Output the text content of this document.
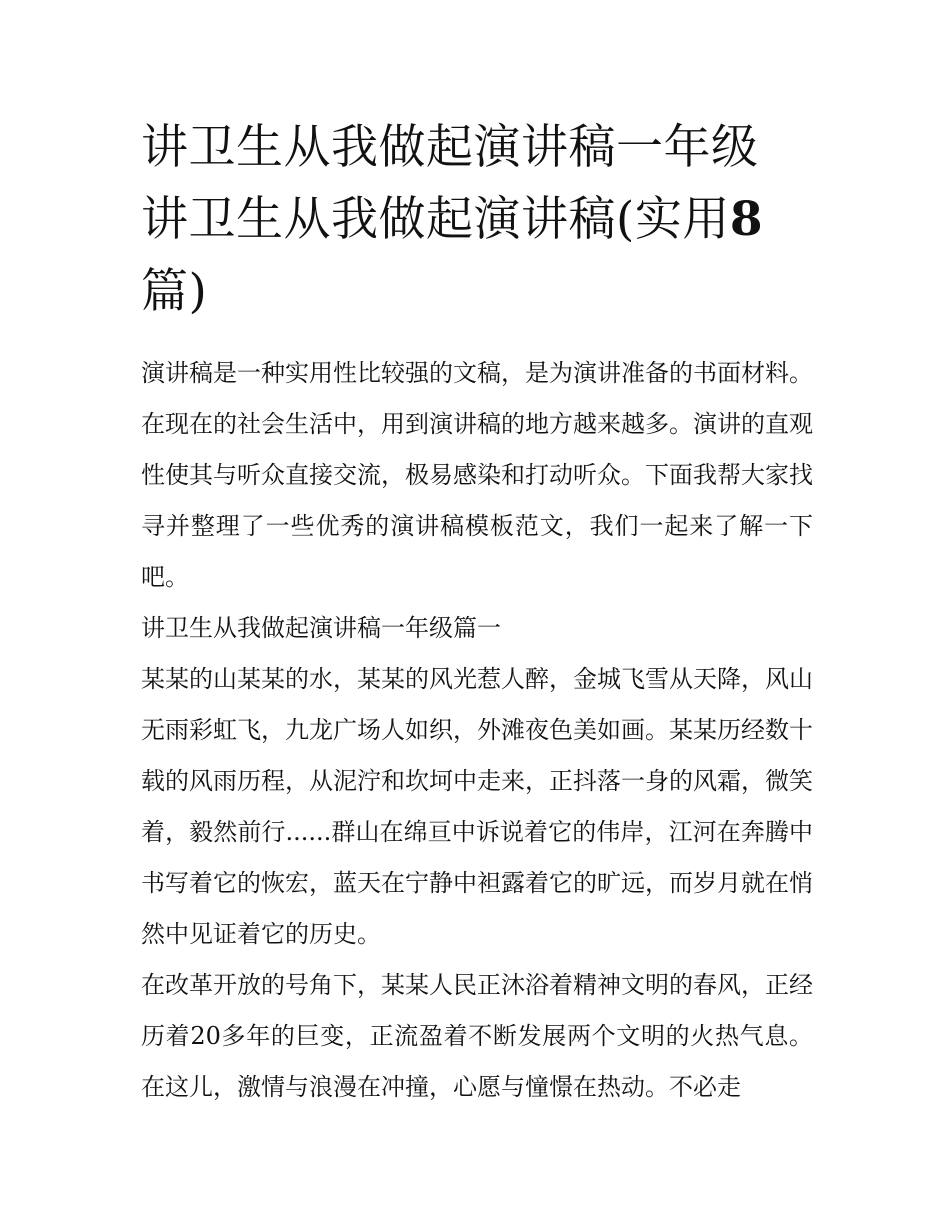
讲卫生从我做起演讲稿一年级
讲卫生从我做起演讲稿(实用8
篇)

演讲稿是一种实用性比较强的文稿，是为演讲准备的书面材料。在现在的社会生活中，用到演讲稿的地方越来越多。演讲的直观性使其与听众直接交流，极易感染和打动听众。下面我帮大家找寻并整理了一些优秀的演讲稿模板范文，我们一起来了解一下吧。

讲卫生从我做起演讲稿一年级篇一

某某的山某某的水，某某的风光惹人醉，金城飞雪从天降，风山无雨彩虹飞，九龙广场人如织，外滩夜色美如画。某某历经数十载的风雨历程，从泥泞和坎坷中走来，正抖落一身的风霜，微笑着，毅然前行......群山在绵亘中诉说着它的伟岸，江河在奔腾中书写着它的恢宏，蓝天在宁静中袒露着它的旷远，而岁月就在悄然中见证着它的历史。

在改革开放的号角下，某某人民正沐浴着精神文明的春风，正经历着20多年的巨变，正流盈着不断发展两个文明的火热气息。在这儿，激情与浪漫在冲撞，心愿与憧憬在热动。不必走
